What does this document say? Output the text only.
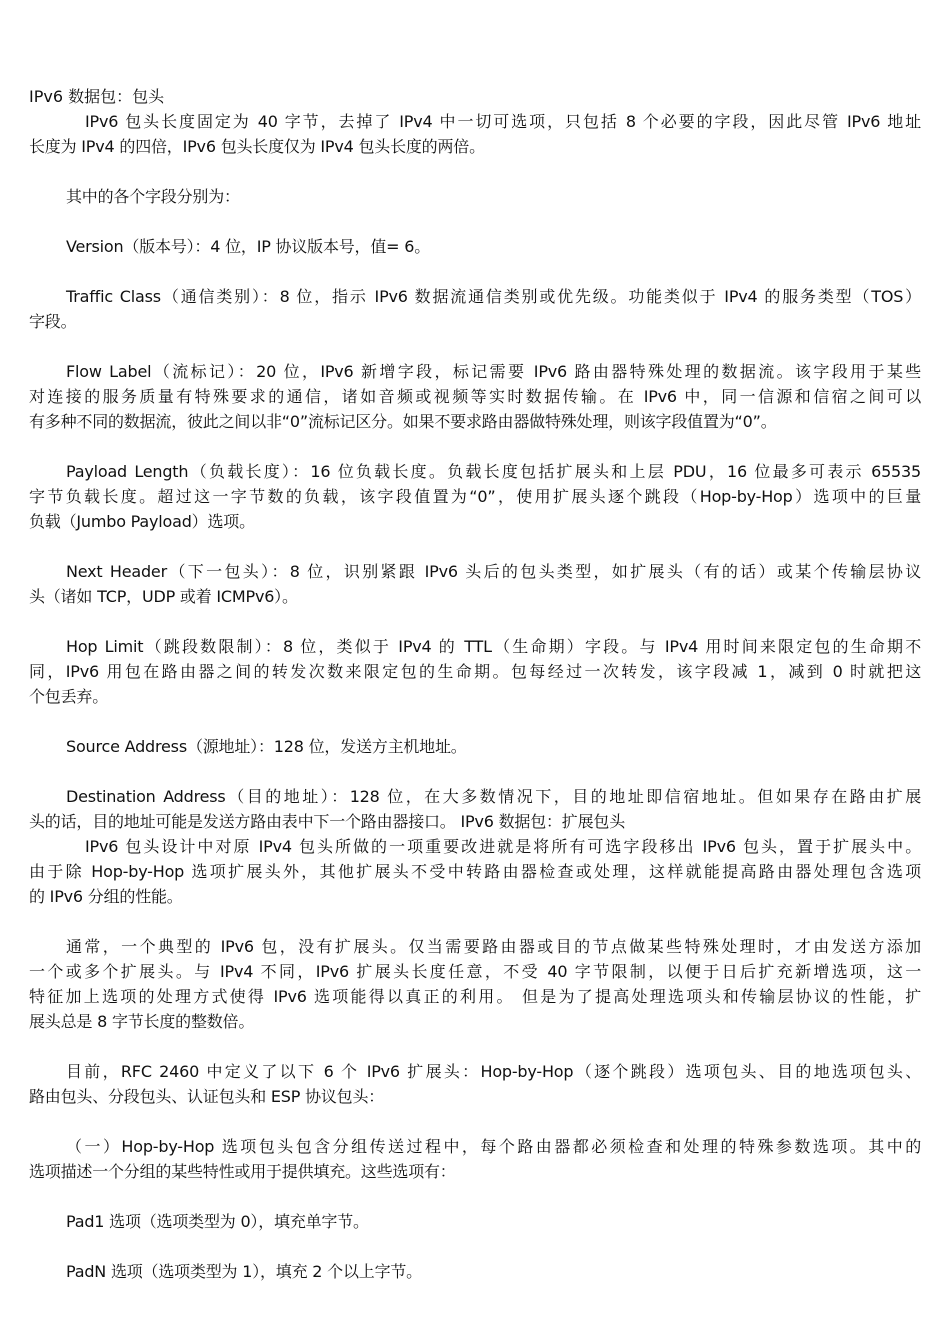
IPv6 数据包：包头

IPv6 包头长度固定为 40 字节，去掉了 IPv4 中一切可选项，只包括 8 个必要的字段，因此尽管 IPv6 地址

长度为 IPv4 的四倍，IPv6 包头长度仅为 IPv4 包头长度的两倍。

其中的各个字段分别为：

Version（版本号）：4 位，IP 协议版本号，值= 6。

Traffic Class（通信类别）：8 位，指示 IPv6 数据流通信类别或优先级。功能类似于 IPv4 的服务类型（TOS）

字段。

Flow Label（流标记）：20 位，IPv6 新增字段，标记需要 IPv6 路由器特殊处理的数据流。该字段用于某些

对连接的服务质量有特殊要求的通信，诸如音频或视频等实时数据传输。在 IPv6 中，同一信源和信宿之间可以

有多种不同的数据流，彼此之间以非“0”流标记区分。如果不要求路由器做特殊处理，则该字段值置为“0”。

Payload Length（负载长度）：16 位负载长度。负载长度包括扩展头和上层 PDU，16 位最多可表示 65535

字节负载长度。超过这一字节数的负载，该字段值置为“0”，使用扩展头逐个跳段（Hop-by-Hop）选项中的巨量

负载（Jumbo Payload）选项。

Next Header（下一包头）：8 位，识别紧跟 IPv6 头后的包头类型，如扩展头（有的话）或某个传输层协议

头（诸如 TCP，UDP 或着 ICMPv6）。

Hop Limit（跳段数限制）：8 位，类似于 IPv4 的 TTL（生命期）字段。与 IPv4 用时间来限定包的生命期不

同，IPv6 用包在路由器之间的转发次数来限定包的生命期。包每经过一次转发，该字段减 1，减到 0 时就把这

个包丢弃。

Source Address（源地址）：128 位，发送方主机地址。

Destination Address（目的地址）：128 位，在大多数情况下，目的地址即信宿地址。但如果存在路由扩展

头的话，目的地址可能是发送方路由表中下一个路由器接口。 IPv6 数据包：扩展包头

IPv6 包头设计中对原 IPv4 包头所做的一项重要改进就是将所有可选字段移出 IPv6 包头，置于扩展头中。

由于除 Hop-by-Hop 选项扩展头外，其他扩展头不受中转路由器检查或处理，这样就能提高路由器处理包含选项

的 IPv6 分组的性能。

通常，一个典型的 IPv6 包，没有扩展头。仅当需要路由器或目的节点做某些特殊处理时，才由发送方添加

一个或多个扩展头。与 IPv4 不同，IPv6 扩展头长度任意，不受 40 字节限制，以便于日后扩充新增选项，这一

特征加上选项的处理方式使得 IPv6 选项能得以真正的利用。 但是为了提高处理选项头和传输层协议的性能，扩

展头总是 8 字节长度的整数倍。

目前，RFC 2460 中定义了以下 6 个 IPv6 扩展头：Hop-by-Hop（逐个跳段）选项包头、目的地选项包头、

路由包头、分段包头、认证包头和 ESP 协议包头：

（一）Hop-by-Hop 选项包头包含分组传送过程中，每个路由器都必须检查和处理的特殊参数选项。其中的

选项描述一个分组的某些特性或用于提供填充。这些选项有：

Pad1 选项（选项类型为 0），填充单字节。

PadN 选项（选项类型为 1），填充 2 个以上字节。
